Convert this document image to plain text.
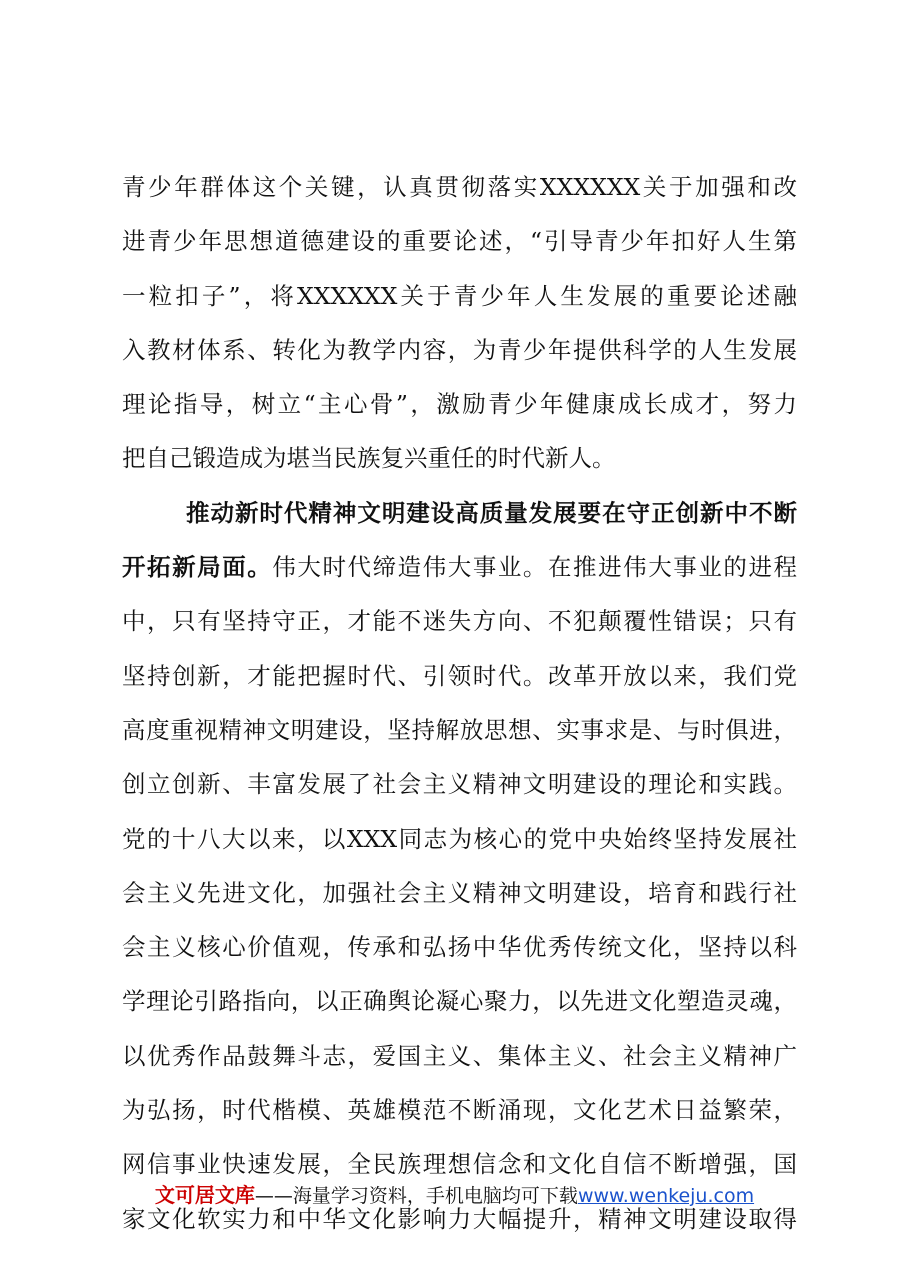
青少年群体这个关键，认真贯彻落实XXXXXX关于加强和改
进青少年思想道德建设的重要论述，“引导青少年扣好人生第
一粒扣子”，将XXXXXX关于青少年人生发展的重要论述融
入教材体系、转化为教学内容，为青少年提供科学的人生发展
理论指导，树立“主心骨”，激励青少年健康成长成才，努力
把自己锻造成为堪当民族复兴重任的时代新人。
推动新时代精神文明建设高质量发展要在守正创新中不断
开拓新局面。伟大时代缔造伟大事业。在推进伟大事业的进程
中，只有坚持守正，才能不迷失方向、不犯颠覆性错误；只有
坚持创新，才能把握时代、引领时代。改革开放以来，我们党
高度重视精神文明建设，坚持解放思想、实事求是、与时俱进，
创立创新、丰富发展了社会主义精神文明建设的理论和实践。
党的十八大以来，以XXX同志为核心的党中央始终坚持发展社
会主义先进文化，加强社会主义精神文明建设，培育和践行社
会主义核心价值观，传承和弘扬中华优秀传统文化，坚持以科
学理论引路指向，以正确舆论凝心聚力，以先进文化塑造灵魂，
以优秀作品鼓舞斗志，爱国主义、集体主义、社会主义精神广
为弘扬，时代楷模、英雄模范不断涌现，文化艺术日益繁荣，
网信事业快速发展，全民族理想信念和文化自信不断增强，国
家文化软实力和中华文化影响力大幅提升，精神文明建设取得
文可居文库——海量学习资料，手机电脑均可下载www.wenkeju.com
